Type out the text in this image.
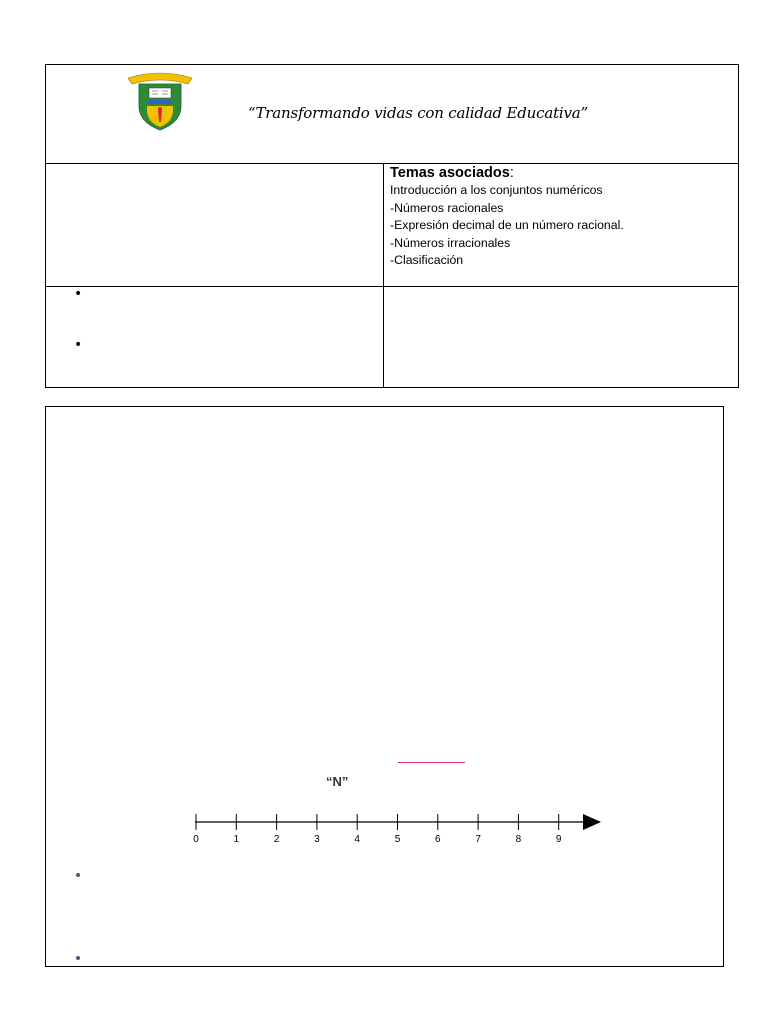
“Transformando vidas con calidad Educativa”
Temas asociados:
Introducción a los conjuntos numéricos
-Números racionales
-Expresión decimal de un número racional.
-Números irracionales
-Clasificación
•
•
“N”
0	1	2	3	4	5	6	7	8	9
